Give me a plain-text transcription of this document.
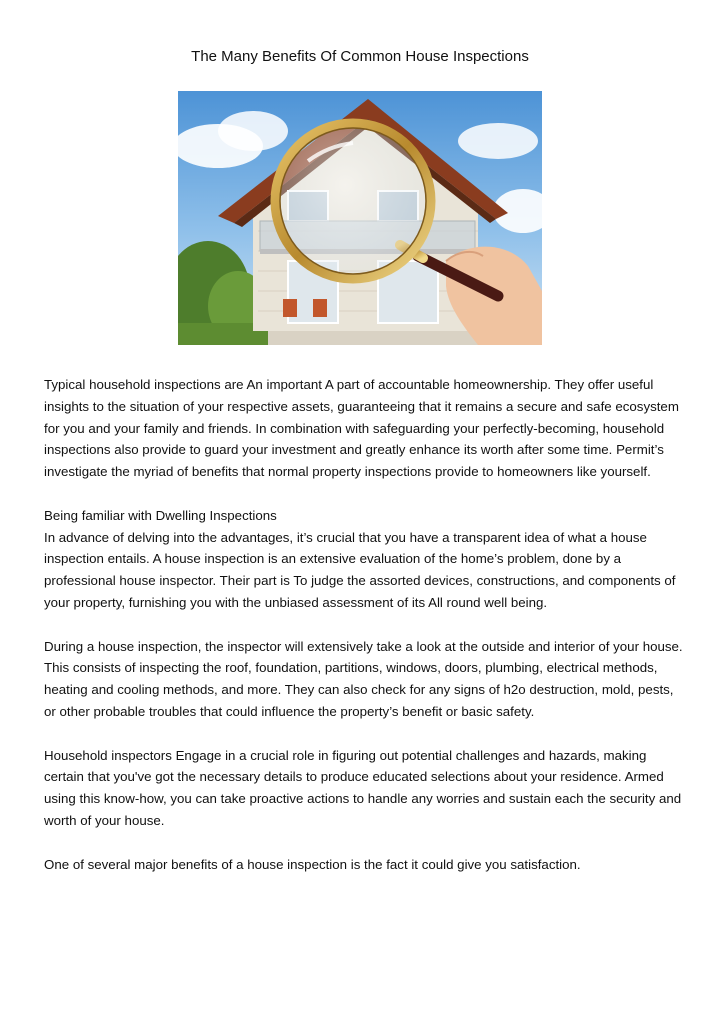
The Many Benefits Of Common House Inspections

Typical household inspections are An important A part of accountable homeownership. They offer useful insights to the situation of your respective assets, guaranteeing that it remains a secure and safe ecosystem for you and your family and friends. In combination with safeguarding your perfectly-becoming, household inspections also provide to guard your investment and greatly enhance its worth after some time. Permit’s investigate the myriad of benefits that normal property inspections provide to homeowners like yourself.

Being familiar with Dwelling Inspections
In advance of delving into the advantages, it’s crucial that you have a transparent idea of what a house inspection entails. A house inspection is an extensive evaluation of the home’s problem, done by a professional house inspector. Their part is To judge the assorted devices, constructions, and components of your property, furnishing you with the unbiased assessment of its All round well being.

During a house inspection, the inspector will extensively take a look at the outside and interior of your house. This consists of inspecting the roof, foundation, partitions, windows, doors, plumbing, electrical methods, heating and cooling methods, and more. They can also check for any signs of h2o destruction, mold, pests, or other probable troubles that could influence the property’s benefit or basic safety.

Household inspectors Engage in a crucial role in figuring out potential challenges and hazards, making certain that you've got the necessary details to produce educated selections about your residence. Armed using this know-how, you can take proactive actions to handle any worries and sustain each the security and worth of your house.

One of several major benefits of a house inspection is the fact it could give you satisfaction.
